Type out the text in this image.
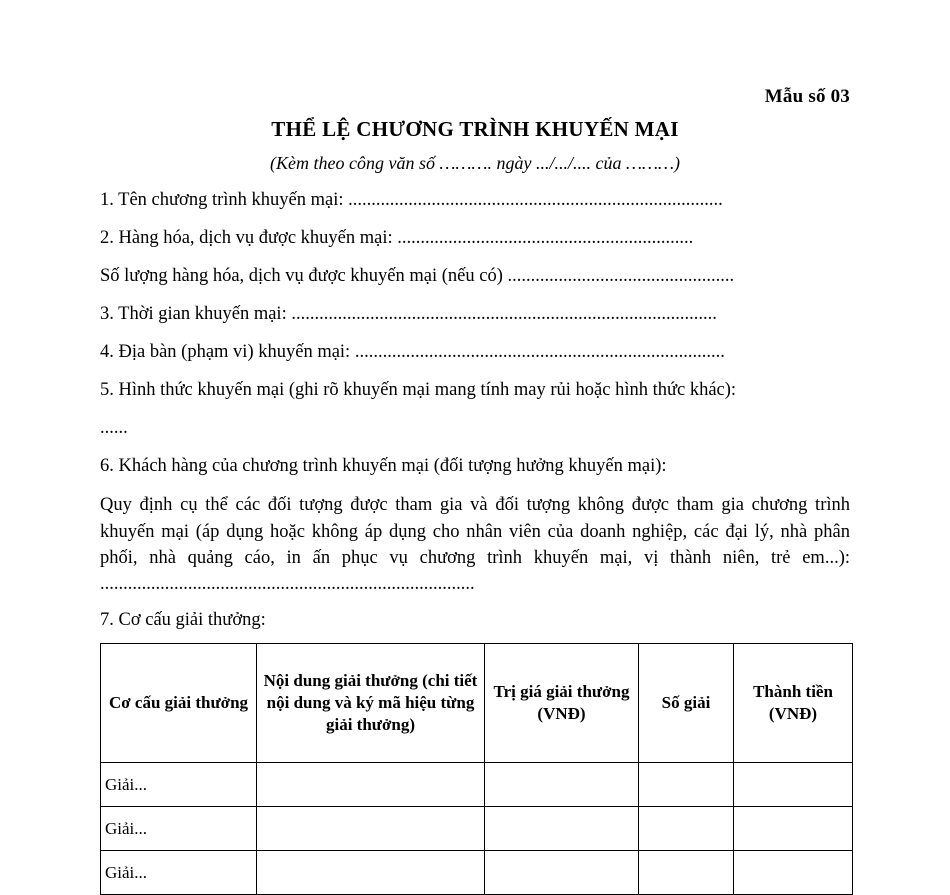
Mẫu số 03

THỂ LỆ CHƯƠNG TRÌNH KHUYẾN MẠI

(Kèm theo công văn số ………. ngày .../.../.... của ………)

1. Tên chương trình khuyến mại: .................................................................................

2. Hàng hóa, dịch vụ được khuyến mại: ................................................................

Số lượng hàng hóa, dịch vụ được khuyến mại (nếu có) .................................................

3. Thời gian khuyến mại: ............................................................................................

4. Địa bàn (phạm vi) khuyến mại: ................................................................................

5. Hình thức khuyến mại (ghi rõ khuyến mại mang tính may rủi hoặc hình thức khác):

......

6. Khách hàng của chương trình khuyến mại (đối tượng hưởng khuyến mại):

Quy định cụ thể các đối tượng được tham gia và đối tượng không được tham gia chương trình khuyến mại (áp dụng hoặc không áp dụng cho nhân viên của doanh nghiệp, các đại lý, nhà phân phối, nhà quảng cáo, in ấn phục vụ chương trình khuyến mại, vị thành niên, trẻ em...): .................................................................................

7. Cơ cấu giải thưởng:

Cơ cấu giải thưởng	Nội dung giải thưởng (chi tiết nội dung và ký mã hiệu từng giải thưởng)	Trị giá giải thưởng (VNĐ)	Số giải	Thành tiền (VNĐ)
Giải...				
Giải...				
Giải...				
